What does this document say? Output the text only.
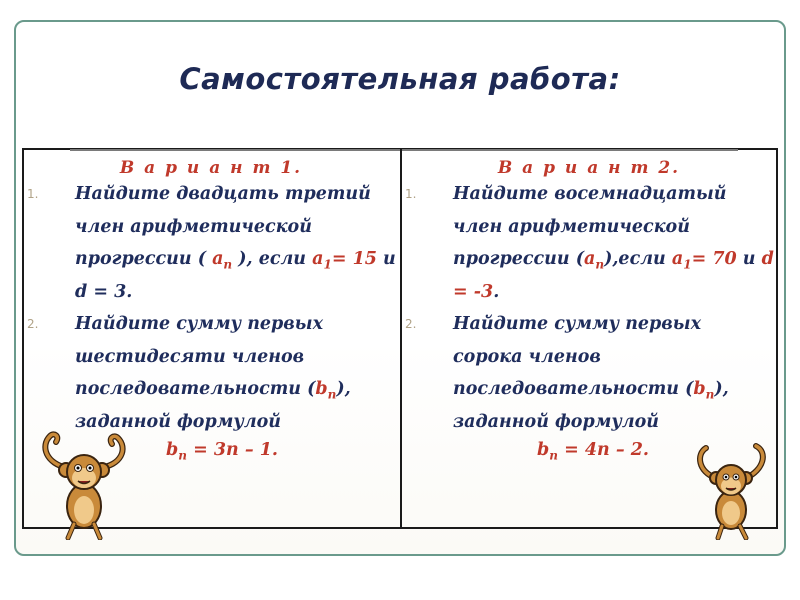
Самостоятельная работа:
В а р и а н т 1.
1. Найдите двадцать третий член арифметической прогрессии ( $a_n$ ), если $a_1= 15$ и d = 3.
2. Найдите сумму первых шестидесяти членов последовательности $(b_n)$, заданной формулой
$b_n = 3n - 1$.
В а р и а н т 2.
1. Найдите восемнадцатый член арифметической прогрессии $(a_n),если$ $a_1= 70$ и d = -3.
2. Найдите сумму первых сорока членов последовательности $(b_n)$, заданной формулой
$b_n = 4n - 2$.
